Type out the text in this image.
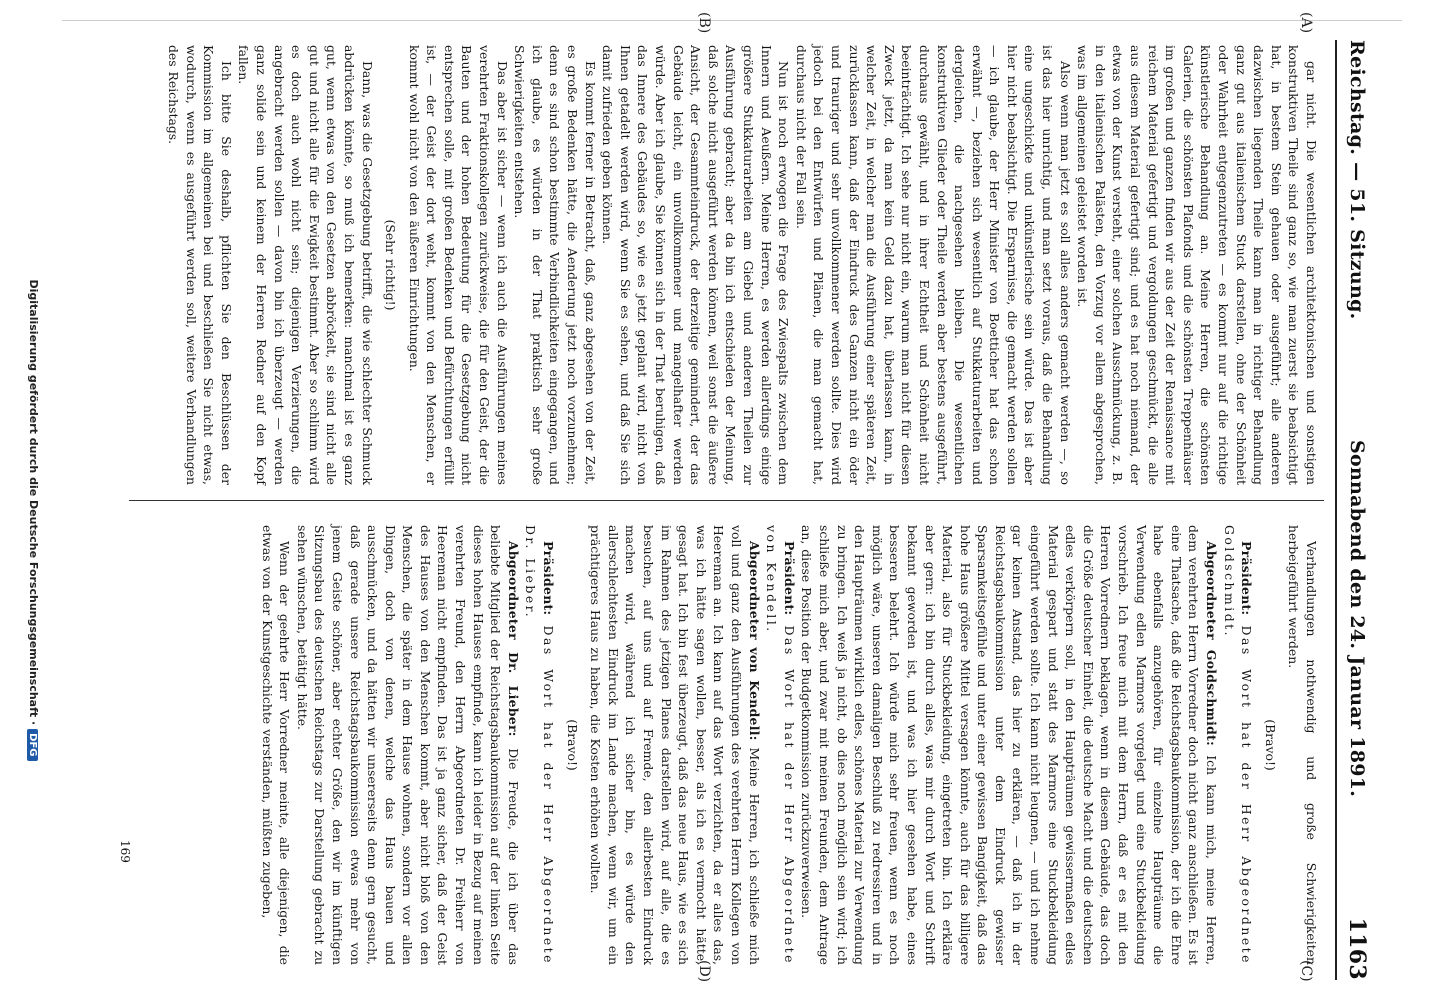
Reichstag. — 51. Sitzung.
Sonnabend den 24. Januar 1891.
1163
(A)
(B)
(C)
(D)

gar nicht. Die wesentlichen architektonischen und sonstigen konstruktiven Theile sind ganz so, wie man zuerst sie beabsichtigt hat, in bestem Stein gehauen oder ausgeführt; alle anderen dazwischen liegenden Theile kann man in richtiger Behandlung ganz gut aus italienischem Stuck darstellen, ohne der Schönheit oder Wahrheit entgegenzutreten — es kommt nur auf die richtige künstlerische Behandlung an. Meine Herren, die schönsten Galerien, die schönsten Plafonds und die schönsten Treppenhäuser im großen und ganzen finden wir aus der Zeit der Renaissance mit reichem Material gefertigt und vergoldungen geschmückt, die alle aus diesem Material gefertigt sind; und es hat noch niemand, der etwas von der Kunst versteht, einer solchen Ausschmückung, z. B. in den italienischen Palästen, den Vorzug vor allem abgesprochen, was im allgemeinen geleistet worden ist.

Also wenn man jetzt es soll alles anders gemacht werden —, so ist das hier unrichtig, und man setzt voraus, daß die Behandlung eine ungeschickte und unkünstlerische sein würde. Das ist aber hier nicht beabsichtigt. Die Ersparnisse, die gemacht werden sollen — ich glaube, der Herr Minister von Boetticher hat das schon erwähnt —, beziehen sich wesentlich auf Stukkaturarbeiten und dergleichen, die nachgesehen bleiben. Die wesentlichen konstruktiven Glieder oder Theile werden aber bestens ausgeführt, durchaus gewählt, und in ihrer Echtheit und Schönheit nicht beeinträchtigt. Ich sehe nur nicht ein, warum man nicht für diesen Zweck jetzt, da man kein Geld dazu hat, überlassen kann, in welcher Zeit, in welcher man die Ausführung einer späteren Zeit, zurücklassen kann, daß der Eindruck des Ganzen nicht ein öder und trauriger und sehr unvollkommener werden sollte. Dies wird jedoch bei den Entwürfen und Plänen, die man gemacht hat, durchaus nicht der Fall sein.

Nun ist noch erwogen die Frage des Zwiespalts zwischen dem Innern und Aeußern. Meine Herren, es werden allerdings einige größere Stukkaturarbeiten am Giebel und anderen Theilen zur Ausführung gebracht; aber da bin ich entschieden der Meinung, daß solche nicht ausgeführt werden können, weil sonst die äußere Ansicht, der Gesammteindruck, der derzeitige gemindert, der das Gebäude leicht, ein unvollkommener und mangelhafter werden würde. Aber ich glaube, Sie können sich in der That beruhigen, daß das Innere des Gebäudes so, wie es jetzt geplant wird, nicht von Ihnen getadelt werden wird, wenn Sie es sehen, und daß Sie sich damit zufrieden geben können.

Es kommt ferner in Betracht, daß, ganz abgesehen von der Zeit, es große Bedenken hätte, die Aenderung jetzt noch vorzunehmen; denn es sind schon bestimmte Verbindlichkeiten eingegangen, und ich glaube, es würden in der That praktisch sehr große Schwierigkeiten entstehen.

Das aber ist sicher — wenn ich auch die Ausführungen meines verehrten Fraktionskollegen zurückweise, die für den Geist, der die Bauten und der hohen Bedeutung für die Gesetzgebung nicht entsprechen solle, mit großen Bedenken und Befürchtungen erfüllt ist, — der Geist der dort weht, kommt von den Menschen, er kommt wohl nicht von den äußeren Einrichtungen.

(Sehr richtig!)

Dann, was die Gesetzgebung betrifft, die wie schlechter Schmuck abdrücken könnte, so muß ich bemerken: manchmal ist es ganz gut, wenn etwas von den Gesetzen abbröckelt, sie sind nicht alle gut und nicht alle für die Ewigkeit bestimmt. Aber so schlimm wird es doch auch wohl nicht sein; diejenigen Verzierungen, die angebracht werden sollen — davon bin ich überzeugt — werden ganz solide sein und keinem der Herren Redner auf den Kopf fallen.

Ich bitte Sie deshalb, pflichten Sie den Beschlüssen der Kommission im allgemeinen bei und beschließen Sie nicht etwas, wodurch, wenn es ausgeführt werden soll, weitere Verhandlungen des Reichstags.

Verhandlungen nothwendig und große Schwierigkeiten herbeigeführt werden.

(Bravo!)

Präsident: Das Wort hat der Herr Abgeordnete Goldschmidt.

Abgeordneter Goldschmidt: Ich kann mich, meine Herren, dem verehrten Herrn Vorredner doch nicht ganz anschließen. Es ist eine Thatsache, daß die Reichstagsbaukommission, der ich die Ehre habe ebenfalls anzugehören, für einzelne Haupträume die Verwendung edlen Marmors vorgelegt und eine Stuckbekleidung vorschrieb. Ich freue mich mit dem Herrn, daß er es mit den Herren Vorrednern beklagen, wenn in diesem Gebäude, das doch die Größe deutscher Einheit, die deutsche Macht und die deutschen edles verkörpern soll, in den Haupträumen gewissermaßen edles Material gespart und statt des Marmors eine Stuckbekleidung eingeführt werden sollte. Ich kann nicht leugnen, — und ich nehme gar keinen Anstand, das hier zu erklären, — daß ich in der Reichstagsbaukommission unter dem Eindruck gewisser Sparsamkeitsgefühle und unter einer gewissen Bangigkeit, daß das hohe Haus größere Mittel versagen könnte, auch für das billigere Material, also für Stuckbekleidung, eingetreten bin. Ich erkläre aber gern: ich bin durch alles, was mir durch Wort und Schrift bekannt geworden ist, und was ich hier gesehen habe, eines besseren belehrt. Ich würde mich sehr freuen, wenn es noch möglich wäre, unseren damaligen Beschluß zu redressiren und in den Haupträumen wirklich edles, schönes Material zur Verwendung zu bringen. Ich weiß ja nicht, ob dies noch möglich sein wird; ich schließe mich aber, und zwar mit meinen Freunden, dem Antrage an, diese Position der Budgetkommission zurückzuverweisen.

Präsident: Das Wort hat der Herr Abgeordnete von Kendell.

Abgeordneter von Kendell: Meine Herren, ich schließe mich voll und ganz den Ausführungen des verehrten Herrn Kollegen von Heereman an. Ich kann auf das Wort verzichten, da er alles das, was ich hätte sagen wollen, besser, als ich es vermocht hätte, gesagt hat. Ich bin fest überzeugt, daß das neue Haus, wie es sich im Rahmen des jetzigen Planes darstellen wird, auf alle, die es besuchen, auf uns und auf Fremde, den allerbesten Eindruck machen wird, während ich sicher bin, es würde den allerschlechtesten Eindruck im Lande machen, wenn wir, um ein prächtigeres Haus zu haben, die Kosten erhöhen wollten.

(Bravo!)

Präsident: Das Wort hat der Herr Abgeordnete Dr. Lieber.

Abgeordneter Dr. Lieber: Die Freude, die ich über das beliebte Mitglied der Reichstagsbaukommission auf der linken Seite dieses hohen Hauses empfinde, kann ich leider in Bezug auf meinen verehrten Freund, den Herrn Abgeordneten Dr. Freiherr von Heereman nicht empfinden. Das ist ja ganz sicher, daß der Geist des Hauses von den Menschen kommt, aber nicht bloß von den Menschen, die später in dem Hause wohnen, sondern vor allen Dingen, doch von denen, welche das Haus bauen und ausschmücken, und da hätten wir unsererseits denn gern gesucht, daß gerade unsere Reichstagsbaukommission etwas mehr von jenem Geiste schöner, aber echter Größe, den wir im künftigen Sitzungsbau des deutschen Reichstags zur Darstellung gebracht zu sehen wünschen, betätigt hätte.

Wenn der geehrte Herr Vorredner meinte, alle diejenigen, die etwas von der Kunstgeschichte verständen, müßten zugeben,

169
Digitalisierung gefördert durch die Deutsche Forschungsgemeinschaft ·DFG
